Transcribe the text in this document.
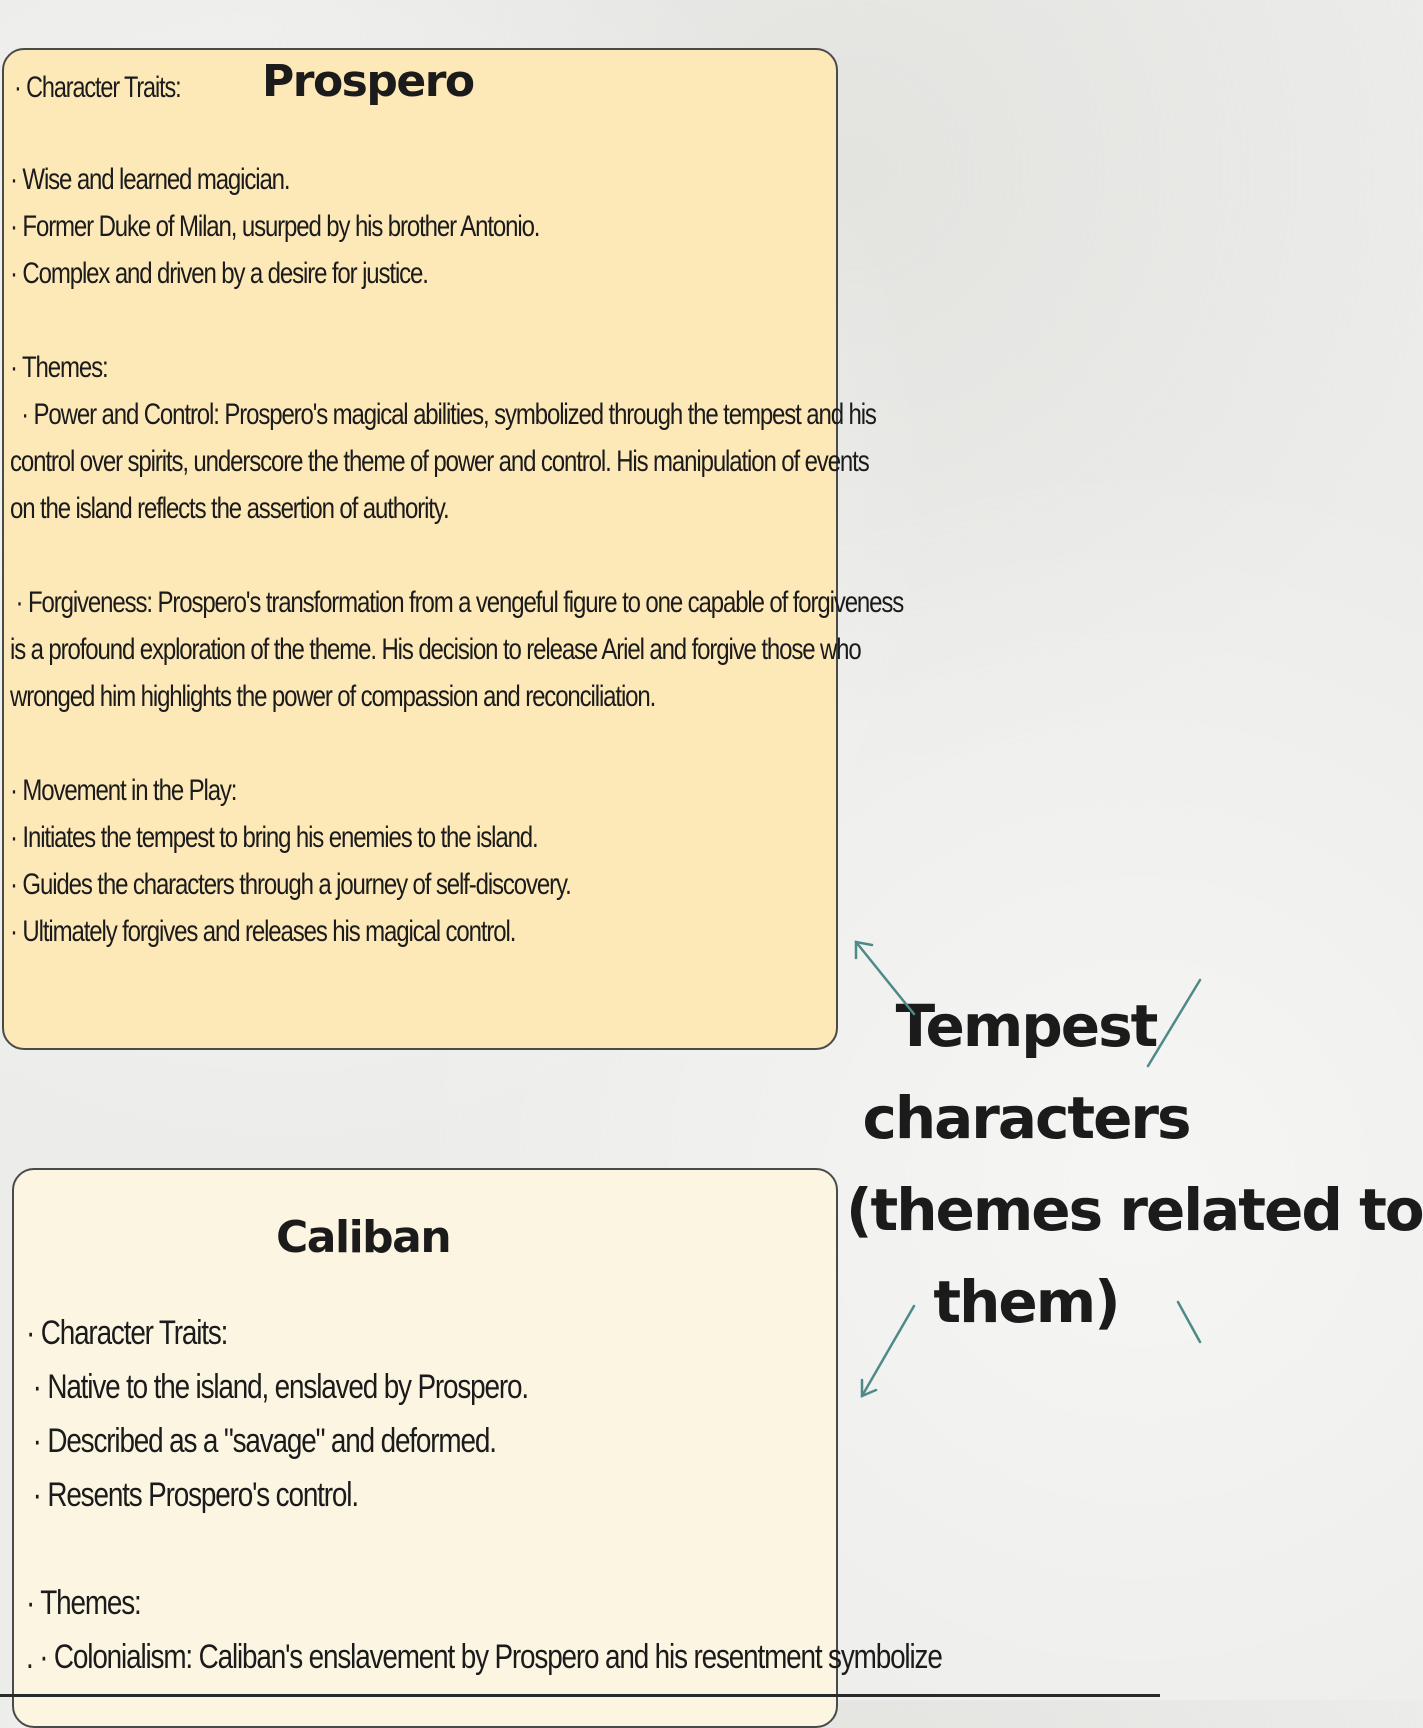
· Character Traits: Prospero
· Wise and learned magician.
· Former Duke of Milan, usurped by his brother Antonio.
· Complex and driven by a desire for justice.
· Themes:
· Power and Control: Prospero's magical abilities, symbolized through the tempest and his
control over spirits, underscore the theme of power and control. His manipulation of events
on the island reflects the assertion of authority.
· Forgiveness: Prospero's transformation from a vengeful figure to one capable of forgiveness
is a profound exploration of the theme. His decision to release Ariel and forgive those who
wronged him highlights the power of compassion and reconciliation.
· Movement in the Play:
· Initiates the tempest to bring his enemies to the island.
· Guides the characters through a journey of self-discovery.
· Ultimately forgives and releases his magical control.
Caliban
· Character Traits:
· Native to the island, enslaved by Prospero.
· Described as a "savage" and deformed.
· Resents Prospero's control.
· Themes:
. · Colonialism: Caliban's enslavement by Prospero and his resentment symbolize
Tempest
characters
(themes related to
them)
